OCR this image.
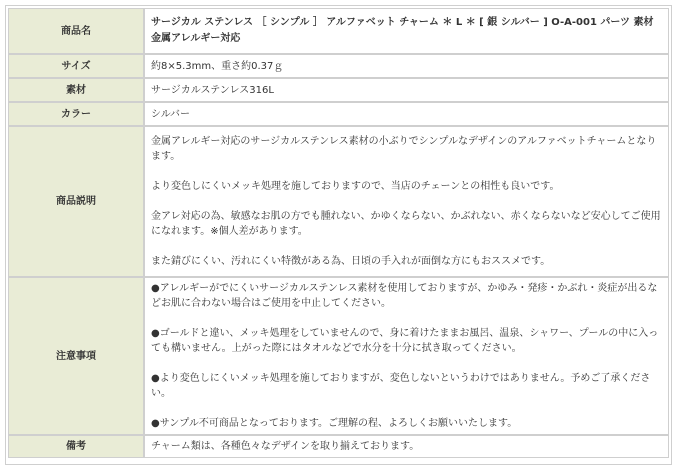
商品名	サージカル ステンレス ［ シンプル ］ アルファベット チャーム ＊ L ＊ [ 銀 シルバー ] O-A-001 パーツ 素材 金属アレルギー対応
サイズ	約8×5.3mm、重さ約0.37ｇ
素材	サージカルステンレス316L
カラー	シルバー
商品説明	金属アレルギー対応のサージカルステンレス素材の小ぶりでシンプルなデザインのアルファベットチャームとなります。

より変色しにくいメッキ処理を施しておりますので、当店のチェーンとの相性も良いです。

金アレ対応の為、敏感なお肌の方でも腫れない、かゆくならない、かぶれない、赤くならないなど安心してご使用になれます。※個人差があります。

また錆びにくい、汚れにくい特徴がある為、日頃の手入れが面倒な方にもおススメです。

注意事項	●アレルギーがでにくいサージカルステンレス素材を使用しておりますが、かゆみ・発疹・かぶれ・炎症が出るなどお肌に合わない場合はご使用を中止してください。

●ゴールドと違い、メッキ処理をしていませんので、身に着けたままお風呂、温泉、シャワー、プールの中に入っても構いません。上がった際にはタオルなどで水分を十分に拭き取ってください。

●より変色しにくいメッキ処理を施しておりますが、変色しないというわけではありません。予めご了承ください。

●サンプル不可商品となっております。ご理解の程、よろしくお願いいたします。

備考	チャーム類は、各種色々なデザインを取り揃えております。
